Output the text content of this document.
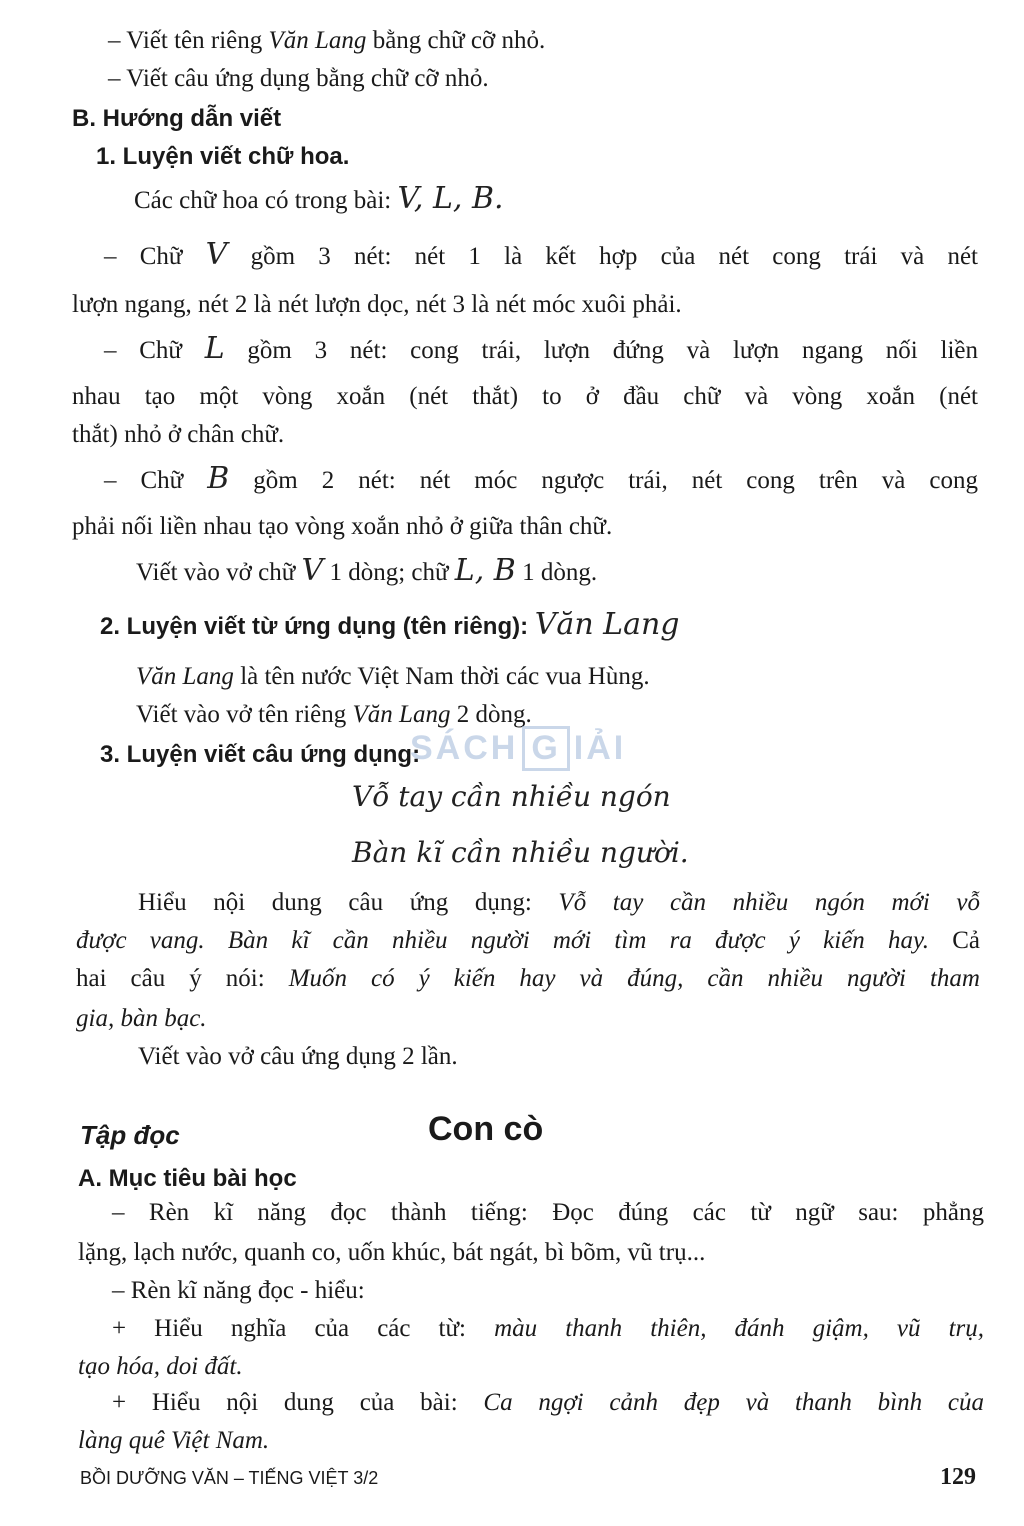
– Viết tên riêng Văn Lang bằng chữ cỡ nhỏ.
– Viết câu ứng dụng bằng chữ cỡ nhỏ.
B. Hướng dẫn viết
1. Luyện viết chữ hoa.
Các chữ hoa có trong bài: V, L, B.
– Chữ V gồm 3 nét: nét 1 là kết hợp của nét cong trái và nét
lượn ngang, nét 2 là nét lượn dọc, nét 3 là nét móc xuôi phải.
– Chữ L gồm 3 nét: cong trái, lượn đứng và lượn ngang nối liền
nhau tạo một vòng xoắn (nét thắt) to ở đầu chữ và vòng xoắn (nét
thắt) nhỏ ở chân chữ.
– Chữ B gồm 2 nét: nét móc ngược trái, nét cong trên và cong
phải nối liền nhau tạo vòng xoắn nhỏ ở giữa thân chữ.
Viết vào vở chữ V 1 dòng; chữ L, B 1 dòng.
2. Luyện viết từ ứng dụng (tên riêng): Văn Lang
Văn Lang là tên nước Việt Nam thời các vua Hùng.
Viết vào vở tên riêng Văn Lang 2 dòng.
SÁCH G IẢI
3. Luyện viết câu ứng dụng:
Vỗ tay cần nhiều ngón
Bàn kĩ cần nhiều người.
Hiểu nội dung câu ứng dụng: Vỗ tay cần nhiều ngón mới vỗ
được vang. Bàn kĩ cần nhiều người mới tìm ra được ý kiến hay. Cả
hai câu ý nói: Muốn có ý kiến hay và đúng, cần nhiều người tham
gia, bàn bạc.
Viết vào vở câu ứng dụng 2 lần.
Tập đọc	Con cò
A. Mục tiêu bài học
– Rèn kĩ năng đọc thành tiếng: Đọc đúng các từ ngữ sau: phẳng
lặng, lạch nước, quanh co, uốn khúc, bát ngát, bì bõm, vũ trụ...
– Rèn kĩ năng đọc - hiểu:
+ Hiểu nghĩa của các từ: màu thanh thiên, đánh giậm, vũ trụ,
tạo hóa, doi đất.
+ Hiểu nội dung của bài: Ca ngợi cảnh đẹp và thanh bình của
làng quê Việt Nam.
BỒI DƯỠNG VĂN – TIẾNG VIỆT 3/2	129
